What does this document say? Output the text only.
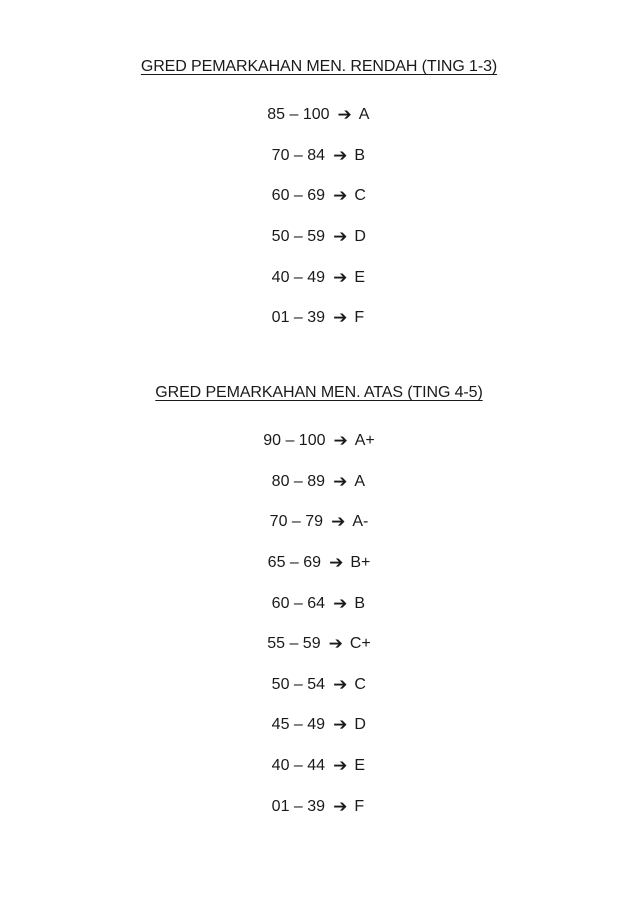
GRED PEMARKAHAN MEN. RENDAH (TING 1-3)
85 – 100 ➔ A
70 – 84 ➔ B
60 – 69 ➔ C
50 – 59 ➔ D
40 – 49 ➔ E
01 – 39 ➔ F
GRED PEMARKAHAN MEN. ATAS (TING 4-5)
90 – 100 ➔ A+
80 – 89 ➔ A
70 – 79 ➔ A-
65 – 69 ➔ B+
60 – 64 ➔ B
55 – 59 ➔ C+
50 – 54 ➔ C
45 – 49 ➔ D
40 – 44 ➔ E
01 – 39 ➔ F
